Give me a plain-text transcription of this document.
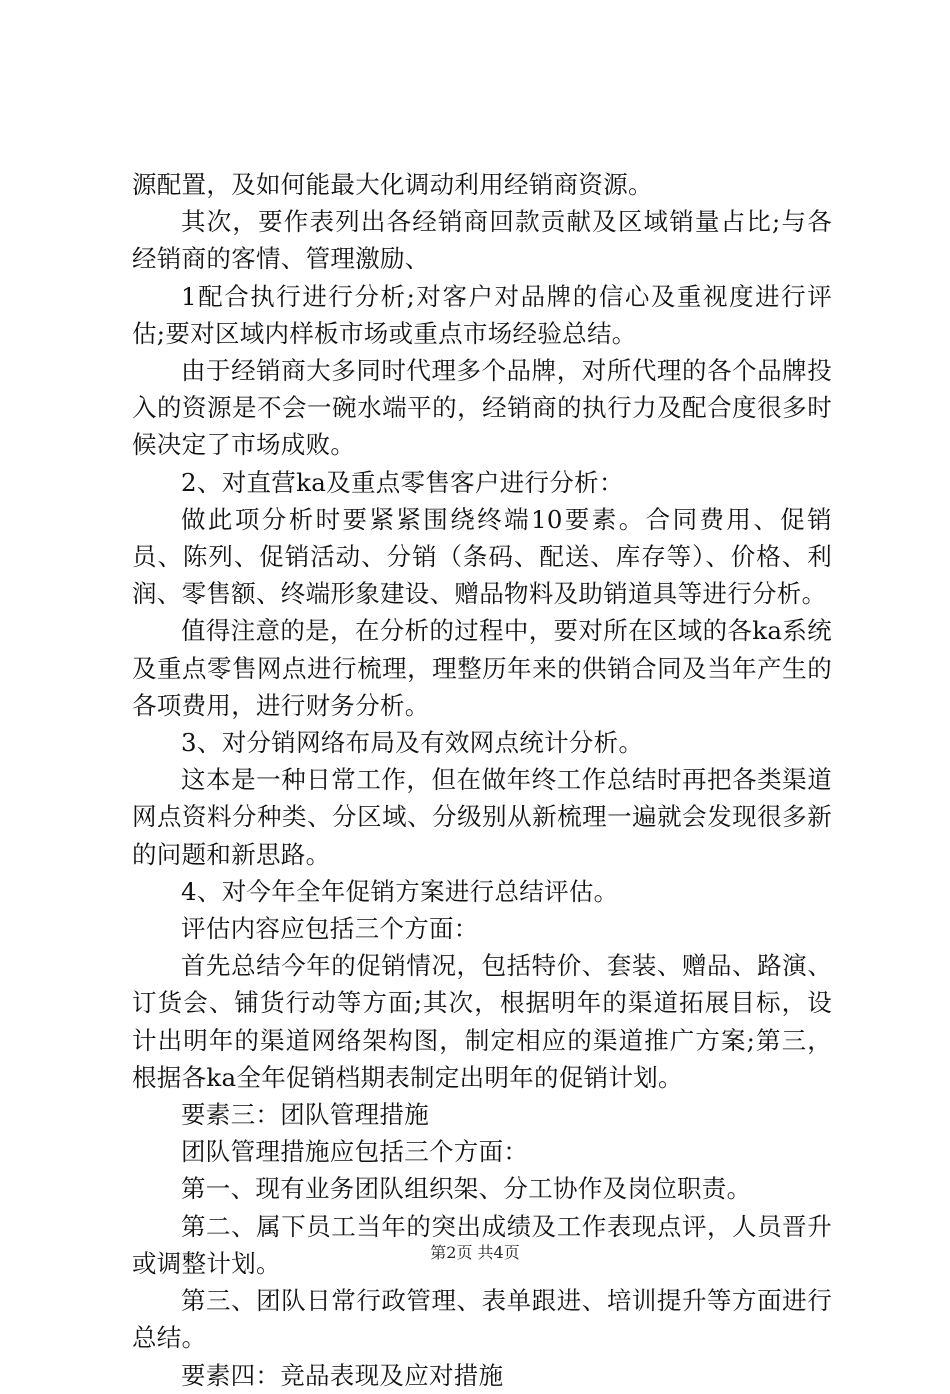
源配置，及如何能最大化调动利用经销商资源。

其次，要作表列出各经销商回款贡献及区域销量占比;与各经销商的客情、管理激励、

1配合执行进行分析;对客户对品牌的信心及重视度进行评估;要对区域内样板市场或重点市场经验总结。

由于经销商大多同时代理多个品牌，对所代理的各个品牌投入的资源是不会一碗水端平的，经销商的执行力及配合度很多时候决定了市场成败。

2、对直营ka及重点零售客户进行分析：

做此项分析时要紧紧围绕终端10要素。合同费用、促销员、陈列、促销活动、分销（条码、配送、库存等）、价格、利润、零售额、终端形象建设、赠品物料及助销道具等进行分析。

值得注意的是，在分析的过程中，要对所在区域的各ka系统及重点零售网点进行梳理，理整历年来的供销合同及当年产生的各项费用，进行财务分析。

3、对分销网络布局及有效网点统计分析。

这本是一种日常工作，但在做年终工作总结时再把各类渠道网点资料分种类、分区域、分级别从新梳理一遍就会发现很多新的问题和新思路。

4、对今年全年促销方案进行总结评估。

评估内容应包括三个方面：

首先总结今年的促销情况，包括特价、套装、赠品、路演、订货会、铺货行动等方面;其次，根据明年的渠道拓展目标，设计出明年的渠道网络架构图，制定相应的渠道推广方案;第三，根据各ka全年促销档期表制定出明年的促销计划。

要素三：团队管理措施

团队管理措施应包括三个方面：

第一、现有业务团队组织架、分工协作及岗位职责。

第二、属下员工当年的突出成绩及工作表现点评，人员晋升或调整计划。

第三、团队日常行政管理、表单跟进、培训提升等方面进行总结。

要素四：竞品表现及应对措施

第2页 共4页
